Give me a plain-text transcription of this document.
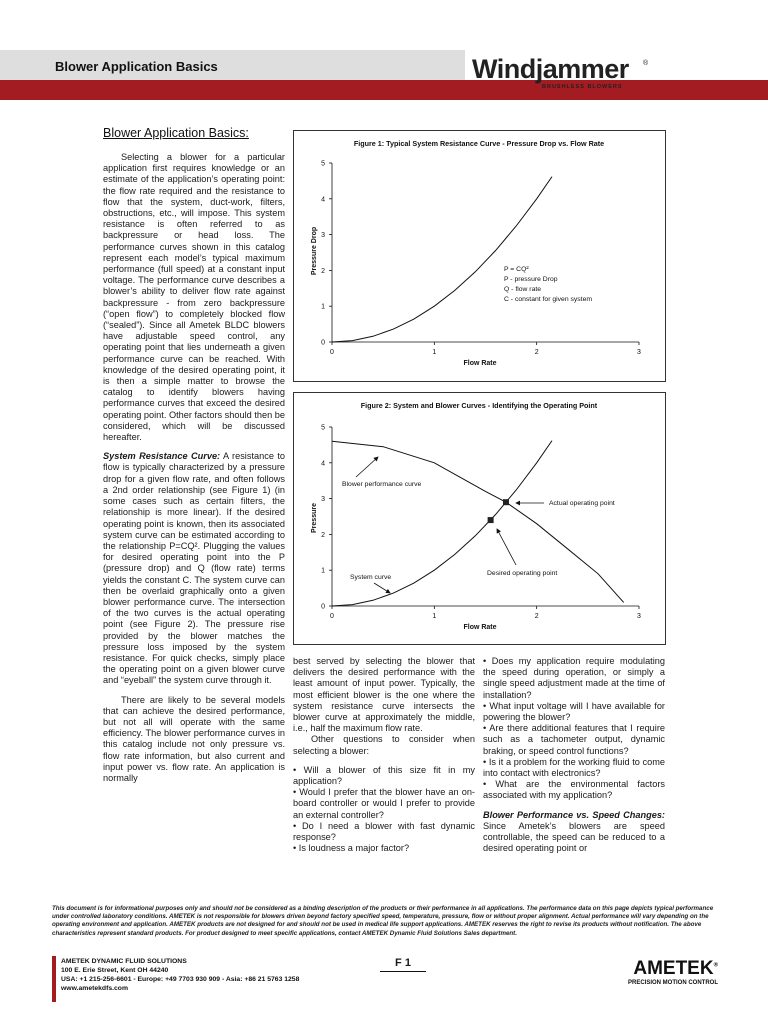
Blower Application Basics	Windjammer ®
BRUSHLESS BLOWERS
Blower Application Basics:

Selecting a blower for a particular application first requires knowledge or an estimate of the application’s operating point: the flow rate required and the resistance to flow that the system, duct-work, filters, obstructions, etc., will impose. This system resistance is often referred to as backpressure or head loss. The performance curves shown in this catalog represent each model’s typical maximum performance (full speed) at a constant input voltage. The performance curve describes a blower’s ability to deliver flow rate against backpressure - from zero backpressure (“open flow”) to completely blocked flow (“sealed”). Since all Ametek BLDC blowers have adjustable speed control, any operating point that lies underneath a given performance curve can be reached. With knowledge of the desired operating point, it is then a simple matter to browse the catalog to identify blowers having performance curves that exceed the desired operating point. Other factors should then be considered, which will be discussed hereafter.

System Resistance Curve: A resistance to flow is typically characterized by a pressure drop for a given flow rate, and often follows a 2nd order relationship (see Figure 1) (in some cases such as certain filters, the relationship is more linear). If the desired operating point is known, then its associated system curve can be estimated according to the relationship P=CQ². Plugging the values for desired operating point into the P (pressure drop) and Q (flow rate) terms yields the constant C. The system curve can then be overlaid graphically onto a given blower performance curve. The intersection of the two curves is the actual operating point (see Figure 2). The pressure rise provided by the blower matches the pressure loss imposed by the system resistance. For quick checks, simply place the operating point on a given blower curve and “eyeball” the system curve through it.

There are likely to be several models that can achieve the desired performance, but not all will operate with the same efficiency. The blower performance curves in this catalog include not only pressure vs. flow rate information, but also current and input power vs. flow rate. An application is normally

Figure 1: Typical System Resistance Curve - Pressure Drop vs. Flow Rate
Flow Rate
Pressure Drop
0	1	2	3
0
1
2
3
4
5
P = CQ²
P - pressure Drop
Q - flow rate
C - constant for given system
Figure 2: System and Blower Curves - Identifying the Operating Point
Flow Rate
Pressure
0	1	2	3
0
1
2
3
4
5
Blower performance curve
System curve
Actual operating point
Desired operating point

best served by selecting the blower that delivers the desired performance with the least amount of input power. Typically, the most efficient blower is the one where the system resistance curve intersects the blower curve at approximately the middle, i.e., half the maximum flow rate.

Other questions to consider when selecting a blower:

• Will a blower of this size fit in my application?

• Would I prefer that the blower have an on-board controller or would I prefer to provide an external controller?

• Do I need a blower with fast dynamic response?

• Is loudness a major factor?

• Does my application require modulating the speed during operation, or simply a single speed adjustment made at the time of installation?

• What input voltage will I have available for powering the blower?

• Are there additional features that I require such as a tachometer output, dynamic braking, or speed control functions?

• Is it a problem for the working fluid to come into contact with electronics?

• What are the environmental factors associated with my application?

Blower Performance vs. Speed Changes: Since Ametek’s blowers are speed controllable, the speed can be reduced to a desired operating point or

This document is for informational purposes only and should not be considered as a binding description of the products or their performance in all applications. The performance data on this page depicts typical performance under controlled laboratory conditions. AMETEK is not responsible for blowers driven beyond factory specified speed, temperature, pressure, flow or without proper alignment. Actual performance will vary depending on the operating environment and application. AMETEK products are not designed for and should not be used in medical life support applications. AMETEK reserves the right to revise its products without notification. The above characteristics represent standard products. For product designed to meet specific applications, contact AMETEK Dynamic Fluid Solutions Sales department.
AMETEK DYNAMIC FLUID SOLUTIONS
100 E. Erie Street, Kent OH 44240
USA: +1 215-256-6601 - Europe: +49 7703 930 909 - Asia: +86 21 5763 1258
www.ametekdfs.com
F 1	AMETEK®
PRECISION MOTION CONTROL
